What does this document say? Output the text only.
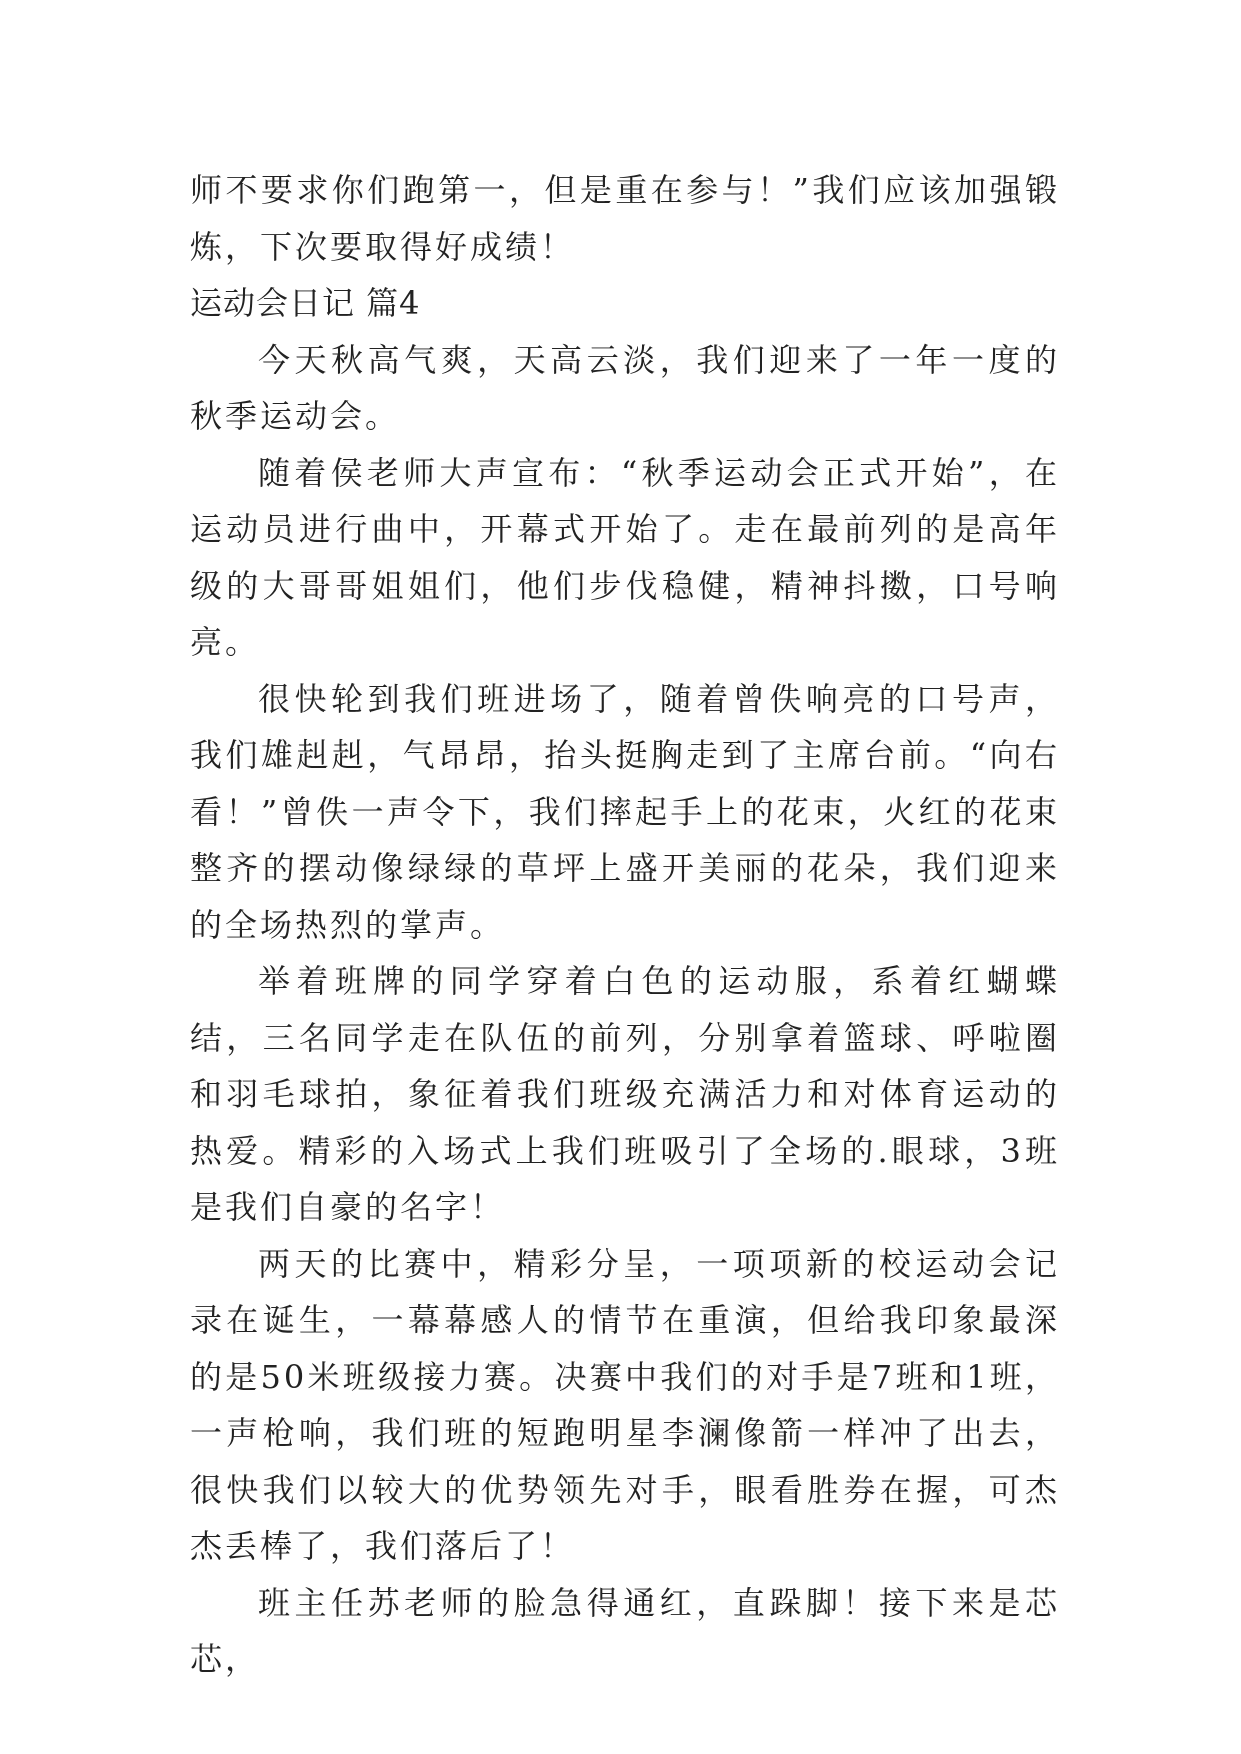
师不要求你们跑第一，但是重在参与！”我们应该加强锻炼，下次要取得好成绩！

运动会日记 篇4

今天秋高气爽，天高云淡，我们迎来了一年一度的秋季运动会。

随着侯老师大声宣布：“秋季运动会正式开始”，在运动员进行曲中，开幕式开始了。走在最前列的是高年级的大哥哥姐姐们，他们步伐稳健，精神抖擞，口号响亮。

很快轮到我们班进场了，随着曾佚响亮的口号声，我们雄赳赳，气昂昂，抬头挺胸走到了主席台前。“向右看！”曾佚一声令下，我们摔起手上的花束，火红的花束整齐的摆动像绿绿的草坪上盛开美丽的花朵，我们迎来的全场热烈的掌声。

举着班牌的同学穿着白色的运动服，系着红蝴蝶结，三名同学走在队伍的前列，分别拿着篮球、呼啦圈和羽毛球拍，象征着我们班级充满活力和对体育运动的热爱。精彩的入场式上我们班吸引了全场的.眼球，3班是我们自豪的名字！

两天的比赛中，精彩分呈，一项项新的校运动会记录在诞生，一幕幕感人的情节在重演，但给我印象最深的是50米班级接力赛。决赛中我们的对手是7班和1班，一声枪响，我们班的短跑明星李澜像箭一样冲了出去，很快我们以较大的优势领先对手，眼看胜券在握，可杰杰丢棒了，我们落后了！

班主任苏老师的脸急得通红，直跺脚！接下来是芯芯，
